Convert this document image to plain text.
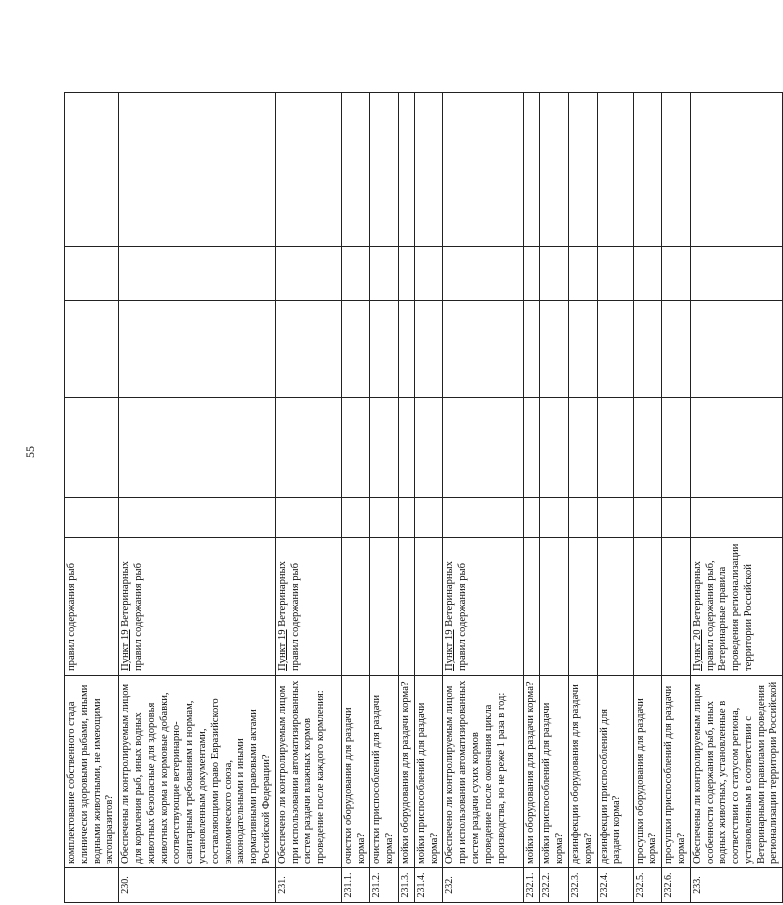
55
	комплектование собственного стада клинически здоровыми рыбами, иными водными животными, не имеющими эктопаразитов?	правил содержания рыб					
230.	Обеспечены ли контролируемым лицом для кормления рыб, иных водных животных безопасные для здоровья животных корма и кормовые добавки, соответствующие ветеринарно-санитарным требованиям и нормам, установленным документами, составляющими право Евразийского экономического союза, законодательными и иными нормативными правовыми актами Российской Федерации?	Пункт 19 Ветеринарных правил содержания рыб					
231.	Обеспечено ли контролируемым лицом при использовании автоматизированных систем раздачи влажных кормов проведение после каждого кормления:	Пункт 19 Ветеринарных правил содержания рыб					
231.1.	очистки оборудования для раздачи корма?						
231.2.	очистки приспособлений для раздачи корма?						
231.3.	мойки оборудования для раздачи корма?						
231.4.	мойки приспособлений для раздачи корма?						
232.	Обеспечено ли контролируемым лицом при использовании автоматизированных систем раздачи сухих кормов проведение после окончания цикла производства, но не реже 1 раза в год:	Пункт 19 Ветеринарных правил содержания рыб					
232.1.	мойки оборудования для раздачи корма?						
232.2.	мойки приспособлений для раздачи корма?						
232.3.	дезинфекции оборудования для раздачи корма?						
232.4.	дезинфекции приспособлений для раздачи корма?						
232.5.	просушки оборудования для раздачи корма?						
232.6.	просушки приспособлений для раздачи корма?						
233.	Обеспечены ли контролируемым лицом особенности содержания рыб, иных водных животных, установленные в соответствии со статусом региона, установленным в соответствии с Ветеринарными правилами проведения регионализации территории Российской	Пункт 20 Ветеринарных правил содержания рыб, Ветеринарные правила проведения регионализации территории Российской					
